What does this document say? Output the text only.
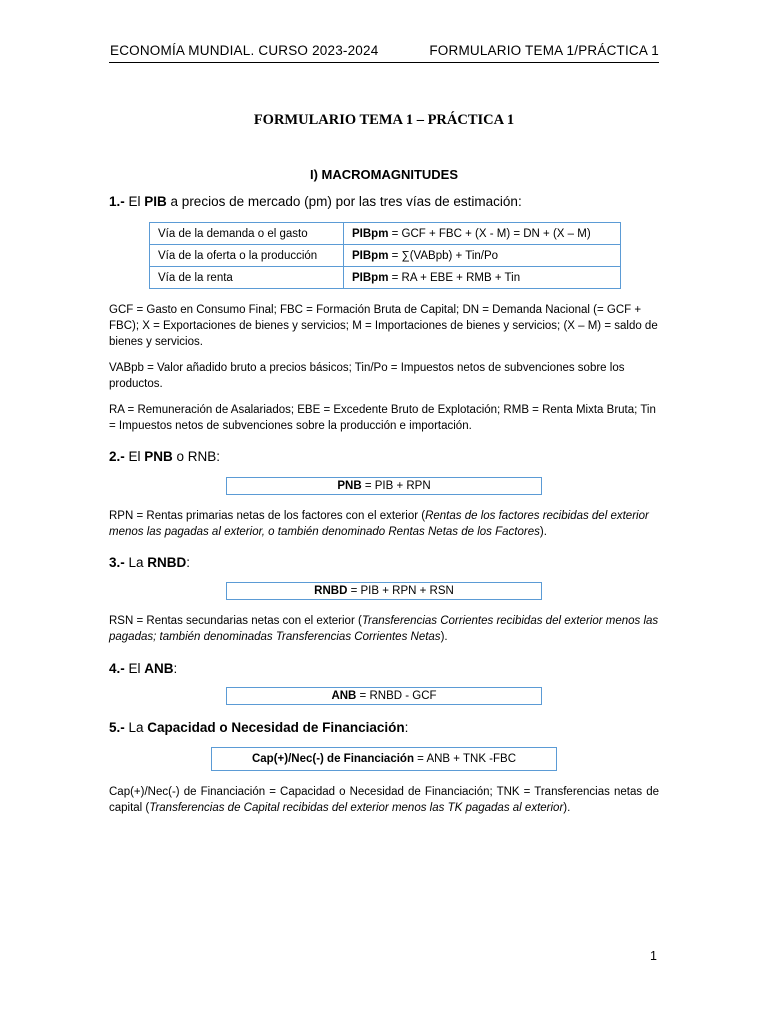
ECONOMÍA MUNDIAL. CURSO 2023-2024	FORMULARIO TEMA 1/PRÁCTICA 1
FORMULARIO TEMA 1 – PRÁCTICA 1
I) MACROMAGNITUDES
1.- El PIB a precios de mercado (pm) por las tres vías de estimación:
Vía de la demanda o el gasto	PIBpm = GCF + FBC + (X - M) = DN + (X – M)
Vía de la oferta o la producción	PIBpm = ∑(VABpb) + Tin/Po
Vía de la renta	PIBpm = RA + EBE + RMB + Tin
GCF = Gasto en Consumo Final; FBC = Formación Bruta de Capital; DN = Demanda Nacional (= GCF + FBC); X = Exportaciones de bienes y servicios; M = Importaciones de bienes y servicios; (X – M) = saldo de bienes y servicios.
VABpb = Valor añadido bruto a precios básicos; Tin/Po = Impuestos netos de subvenciones sobre los productos.
RA = Remuneración de Asalariados; EBE = Excedente Bruto de Explotación; RMB = Renta Mixta Bruta; Tin = Impuestos netos de subvenciones sobre la producción e importación.
2.- El PNB o RNB:
PNB = PIB + RPN
RPN = Rentas primarias netas de los factores con el exterior (Rentas de los factores recibidas del exterior menos las pagadas al exterior, o también denominado Rentas Netas de los Factores).
3.- La RNBD:
RNBD = PIB + RPN + RSN
RSN = Rentas secundarias netas con el exterior (Transferencias Corrientes recibidas del exterior menos las pagadas; también denominadas Transferencias Corrientes Netas).
4.- El ANB:
ANB = RNBD - GCF
5.- La Capacidad o Necesidad de Financiación:
Cap(+)/Nec(-) de Financiación = ANB + TNK -FBC
Cap(+)/Nec(-) de Financiación = Capacidad o Necesidad de Financiación; TNK = Transferencias netas de capital (Transferencias de Capital recibidas del exterior menos las TK pagadas al exterior).
1
